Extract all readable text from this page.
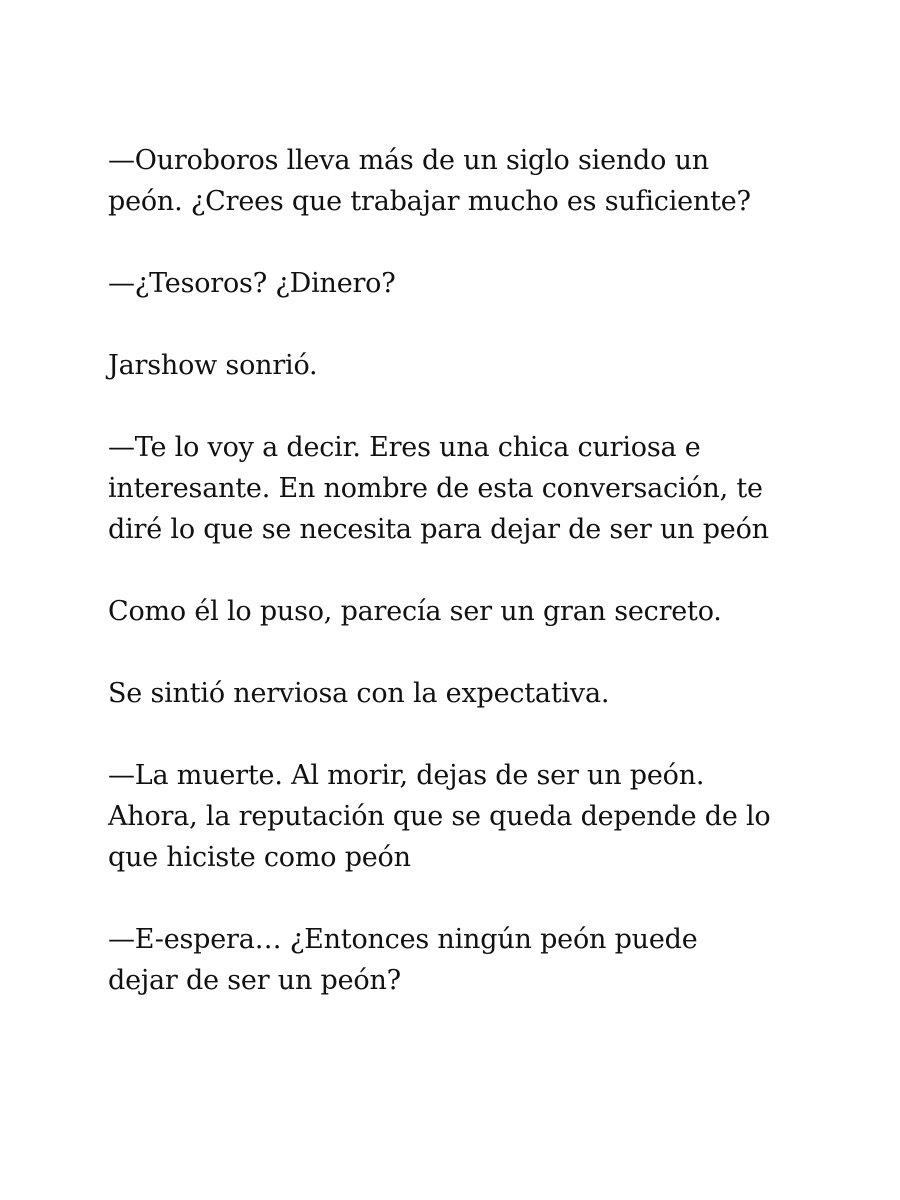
—Ouroboros lleva más de un siglo siendo un
peón. ¿Crees que trabajar mucho es suficiente?

—¿Tesoros? ¿Dinero?

Jarshow sonrió.

—Te lo voy a decir. Eres una chica curiosa e
interesante. En nombre de esta conversación, te
diré lo que se necesita para dejar de ser un peón

Como él lo puso, parecía ser un gran secreto.

Se sintió nerviosa con la expectativa.

—La muerte. Al morir, dejas de ser un peón.
Ahora, la reputación que se queda depende de lo
que hiciste como peón

—E-espera… ¿Entonces ningún peón puede
dejar de ser un peón?
